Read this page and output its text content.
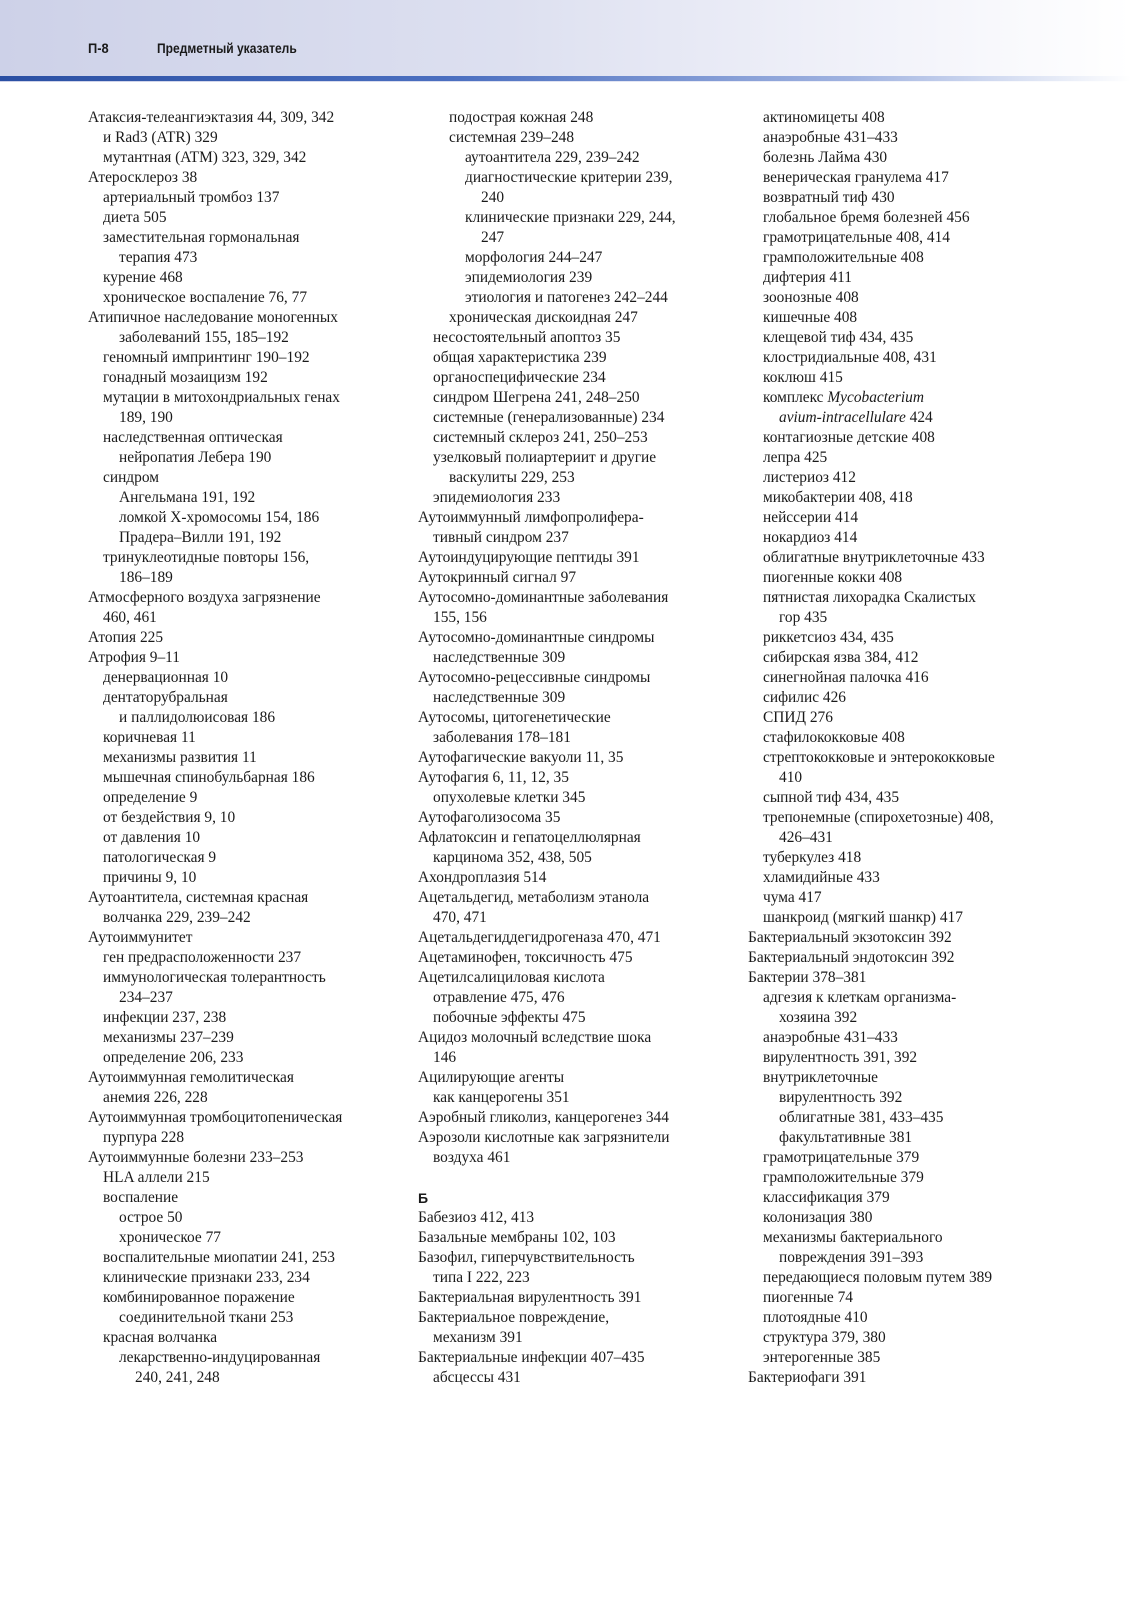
П-8	Предметный указатель
Атаксия-телеангиэктазия 44, 309, 342
и Rad3 (ATR) 329
мутантная (ATM) 323, 329, 342
Атеросклероз 38
артериальный тромбоз 137
диета 505
заместительная гормональная
терапия 473
курение 468
хроническое воспаление 76, 77
Атипичное наследование моногенных
заболеваний 155, 185–192
геномный импринтинг 190–192
гонадный мозаицизм 192
мутации в митохондриальных генах
189, 190
наследственная оптическая
нейропатия Лебера 190
синдром
Ангельмана 191, 192
ломкой Х-хромосомы 154, 186
Прадера–Вилли 191, 192
тринуклеотидные повторы 156,
186–189
Атмосферного воздуха загрязнение
460, 461
Атопия 225
Атрофия 9–11
денервационная 10
дентаторубральная
и паллидолюисовая 186
коричневая 11
механизмы развития 11
мышечная спинобульбарная 186
определение 9
от бездействия 9, 10
от давления 10
патологическая 9
причины 9, 10
Аутоантитела, системная красная
волчанка 229, 239–242
Аутоиммунитет
ген предрасположенности 237
иммунологическая толерантность
234–237
инфекции 237, 238
механизмы 237–239
определение 206, 233
Аутоиммунная гемолитическая
анемия 226, 228
Аутоиммунная тромбоцитопеническая
пурпура 228
Аутоиммунные болезни 233–253
HLA аллели 215
воспаление
острое 50
хроническое 77
воспалительные миопатии 241, 253
клинические признаки 233, 234
комбинированное поражение
соединительной ткани 253
красная волчанка
лекарственно-индуцированная
240, 241, 248
подострая кожная 248
системная 239–248
аутоантитела 229, 239–242
диагностические критерии 239,
240
клинические признаки 229, 244,
247
морфология 244–247
эпидемиология 239
этиология и патогенез 242–244
хроническая дискоидная 247
несостоятельный апоптоз 35
общая характеристика 239
органоспецифические 234
синдром Шегрена 241, 248–250
системные (генерализованные) 234
системный склероз 241, 250–253
узелковый полиартериит и другие
васкулиты 229, 253
эпидемиология 233
Аутоиммунный лимфопролифера-
тивный синдром 237
Аутоиндуцирующие пептиды 391
Аутокринный сигнал 97
Аутосомно-доминантные заболевания
155, 156
Аутосомно-доминантные синдромы
наследственные 309
Аутосомно-рецессивные синдромы
наследственные 309
Аутосомы, цитогенетические
заболевания 178–181
Аутофагические вакуоли 11, 35
Аутофагия 6, 11, 12, 35
опухолевые клетки 345
Аутофаголизосома 35
Афлатоксин и гепатоцеллюлярная
карцинома 352, 438, 505
Ахондроплазия 514
Ацетальдегид, метаболизм этанола
470, 471
Ацетальдегиддегидрогеназа 470, 471
Ацетаминофен, токсичность 475
Ацетилсалициловая кислота
отравление 475, 476
побочные эффекты 475
Ацидоз молочный вследствие шока
146
Ацилирующие агенты
как канцерогены 351
Аэробный гликолиз, канцерогенез 344
Аэрозоли кислотные как загрязнители
воздуха 461
Б
Бабезиоз 412, 413
Базальные мембраны 102, 103
Базофил, гиперчувствительность
типа I 222, 223
Бактериальная вирулентность 391
Бактериальное повреждение,
механизм 391
Бактериальные инфекции 407–435
абсцессы 431
актиномицеты 408
анаэробные 431–433
болезнь Лайма 430
венерическая гранулема 417
возвратный тиф 430
глобальное бремя болезней 456
грамотрицательные 408, 414
грамположительные 408
дифтерия 411
зоонозные 408
кишечные 408
клещевой тиф 434, 435
клостридиальные 408, 431
коклюш 415
комплекс Mycobacterium
avium-intracellulare 424
контагиозные детские 408
лепра 425
листериоз 412
микобактерии 408, 418
нейссерии 414
нокардиоз 414
облигатные внутриклеточные 433
пиогенные кокки 408
пятнистая лихорадка Скалистых
гор 435
риккетсиоз 434, 435
сибирская язва 384, 412
синегнойная палочка 416
сифилис 426
СПИД 276
стафилококковые 408
стрептококковые и энтерококковые
410
сыпной тиф 434, 435
трепонемные (спирохетозные) 408,
426–431
туберкулез 418
хламидийные 433
чума 417
шанкроид (мягкий шанкр) 417
Бактериальный экзотоксин 392
Бактериальный эндотоксин 392
Бактерии 378–381
адгезия к клеткам организма-
хозяина 392
анаэробные 431–433
вирулентность 391, 392
внутриклеточные
вирулентность 392
облигатные 381, 433–435
факультативные 381
грамотрицательные 379
грамположительные 379
классификация 379
колонизация 380
механизмы бактериального
повреждения 391–393
передающиеся половым путем 389
пиогенные 74
плотоядные 410
структура 379, 380
энтерогенные 385
Бактериофаги 391
